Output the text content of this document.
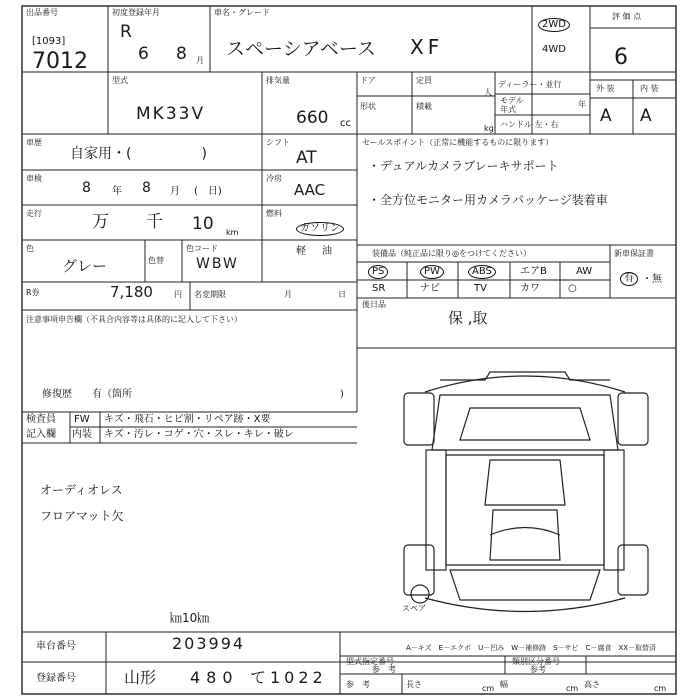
出品番号
[1093]
7012
初度登録年月
R
6 8 月
車名・グレード
スペーシアベース XF
2WD
4WD
評 価 点
6
型式
MK33V
排気量
660 cc
ドア	定員
人
形状	積載
kg
ディーラー・並行
モデル
年式
年
ハンドル 左・右
外 装	内 装
A A
車歴
自家用・(　　　　　)
シフト
AT
車検
8 年 8 月 (　日)
冷房
AAC
走行	万 千 10 km
燃料
ガソリン
軽 油
色
グレー	色替
色コード
WBW
R券	7,180	円 名変期限	月	日
セールスポイント（正常に機能するものに限ります）
・デュアルカメラブレーキサポート
・全方位モニター用カメラパッケージ装着車
装備品（純正品に限り◎をつけてください）
PS	PW	ABS	エアB	AW
SR	ナビ	TV	カワ	○
新車保証書
有 ・無
注意事項申告欄（不具合内容等は具体的に記入して下さい）
修復歴　　有（箇所	)
後日品
保 ,取
検査員
記入欄
FW キズ・飛石・ヒビ割・リペア跡・X要
内装 キズ・汚レ・コゲ・穴・スレ・キレ・破レ
オーディオレス
フロアマット欠
㎞10㎞
スペア
車台番号	203994
登録番号	山形 480 て 1022
A－キズ　E－エクボ　U－凹み　W－補修跡　S－サビ　C－腐食　XX－取替済
型式指定番号
参　考
類別区分番号
参考
参　考	長さ	cm 幅	cm 高さ	cm
